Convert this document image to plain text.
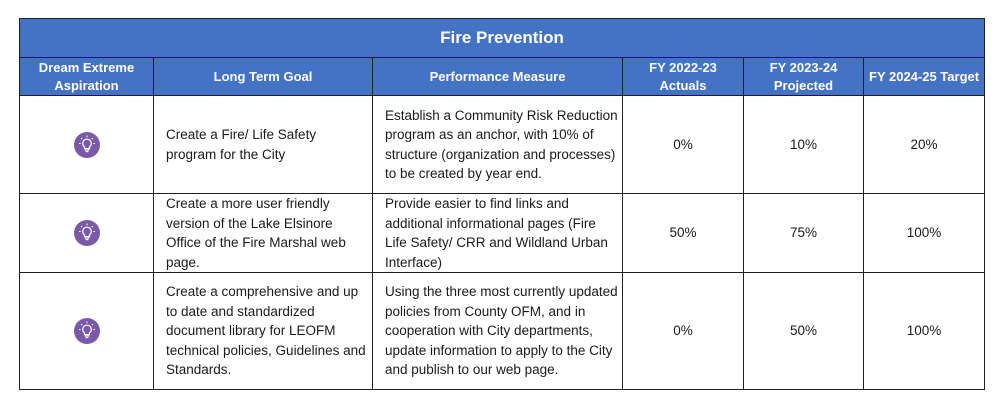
Fire Prevention					
Dream Extreme Aspiration	Long Term Goal	Performance Measure	FY 2022-23 Actuals	FY 2023-24 Projected	FY 2024-25 Target

	Create a Fire/ Life Safety program for the City	Establish a Community Risk Reduction program as an anchor, with 10% of structure (organization and processes) to be created by year end.	0%	10%	20%

	Create a more user friendly version of the Lake Elsinore Office of the Fire Marshal web page.	Provide easier to find links and additional informational pages (Fire Life Safety/ CRR and Wildland Urban Interface)	50%	75%	100%

	Create a comprehensive and up to date and standardized document library for LEOFM technical policies, Guidelines and Standards.	Using the three most currently updated policies from County OFM, and in cooperation with City departments, update information to apply to the City and publish to our web page.	0%	50%	100%
